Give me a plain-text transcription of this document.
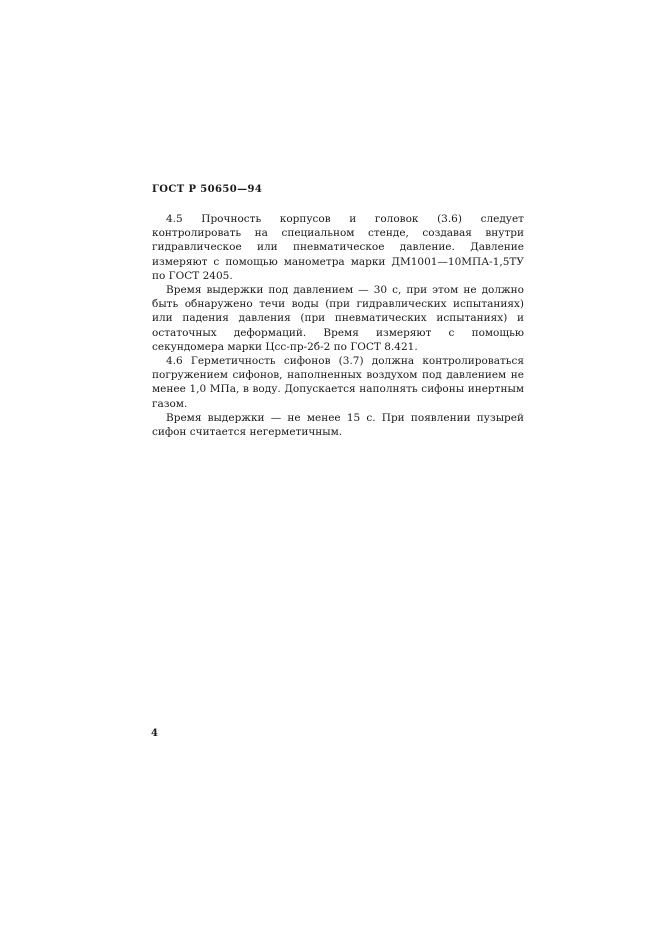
ГОСТ Р 50650—94

4.5 Прочность корпусов и головок (3.6) следует контролировать на специальном стенде, создавая внутри гидравлическое или пневматическое давление. Давление измеряют с помощью манометра марки ДМ1001—10МПА-1,5ТУ по ГОСТ 2405.

Время выдержки под давлением — 30 с, при этом не должно быть обнаружено течи воды (при гидравлических испытаниях) или падения давления (при пневматических испытаниях) и остаточных деформаций. Время измеряют с помощью секундомера марки Цсс-пр-2б-2 по ГОСТ 8.421.

4.6 Герметичность сифонов (3.7) должна контролироваться погружением сифонов, наполненных воздухом под давлением не менее 1,0 МПа, в воду. Допускается наполнять сифоны инертным газом.

Время выдержки — не менее 15 с. При появлении пузырей сифон считается негерметичным.

4
